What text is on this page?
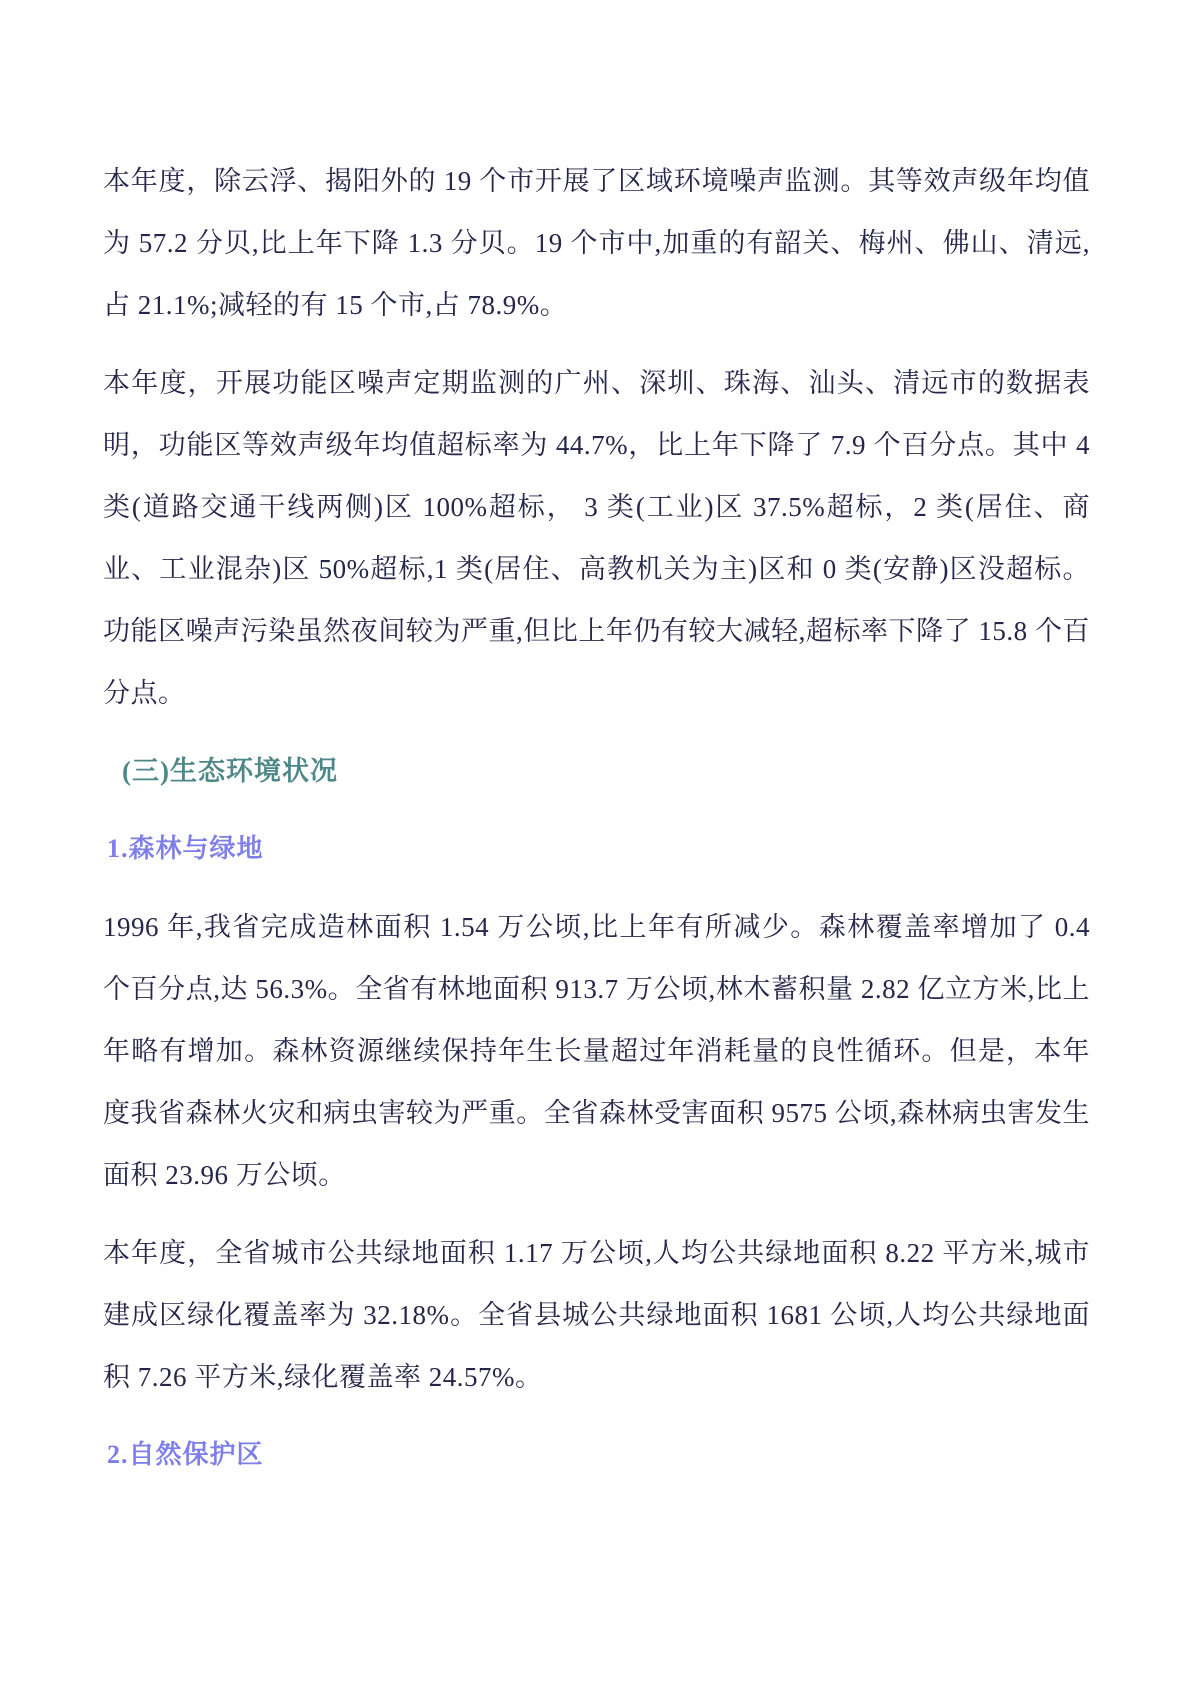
本年度，除云浮、揭阳外的 19 个市开展了区域环境噪声监测。其等效声级年均值为 57.2 分贝,比上年下降 1.3 分贝。19 个市中,加重的有韶关、梅州、佛山、清远,占 21.1%;减轻的有 15 个市,占 78.9%。

本年度，开展功能区噪声定期监测的广州、深圳、珠海、汕头、清远市的数据表明，功能区等效声级年均值超标率为 44.7%，比上年下降了 7.9 个百分点。其中 4 类(道路交通干线两侧)区 100%超标， 3 类(工业)区 37.5%超标，2 类(居住、商业、工业混杂)区 50%超标,1 类(居住、高教机关为主)区和 0 类(安静)区没超标。功能区噪声污染虽然夜间较为严重,但比上年仍有较大减轻,超标率下降了 15.8 个百分点。

(三)生态环境状况
1.森林与绿地

1996 年,我省完成造林面积 1.54 万公顷,比上年有所减少。森林覆盖率增加了 0.4 个百分点,达 56.3%。全省有林地面积 913.7 万公顷,林木蓄积量 2.82 亿立方米,比上年略有增加。森林资源继续保持年生长量超过年消耗量的良性循环。但是，本年度我省森林火灾和病虫害较为严重。全省森林受害面积 9575 公顷,森林病虫害发生面积 23.96 万公顷。

本年度，全省城市公共绿地面积 1.17 万公顷,人均公共绿地面积 8.22 平方米,城市建成区绿化覆盖率为 32.18%。全省县城公共绿地面积 1681 公顷,人均公共绿地面积 7.26 平方米,绿化覆盖率 24.57%。

2.自然保护区
